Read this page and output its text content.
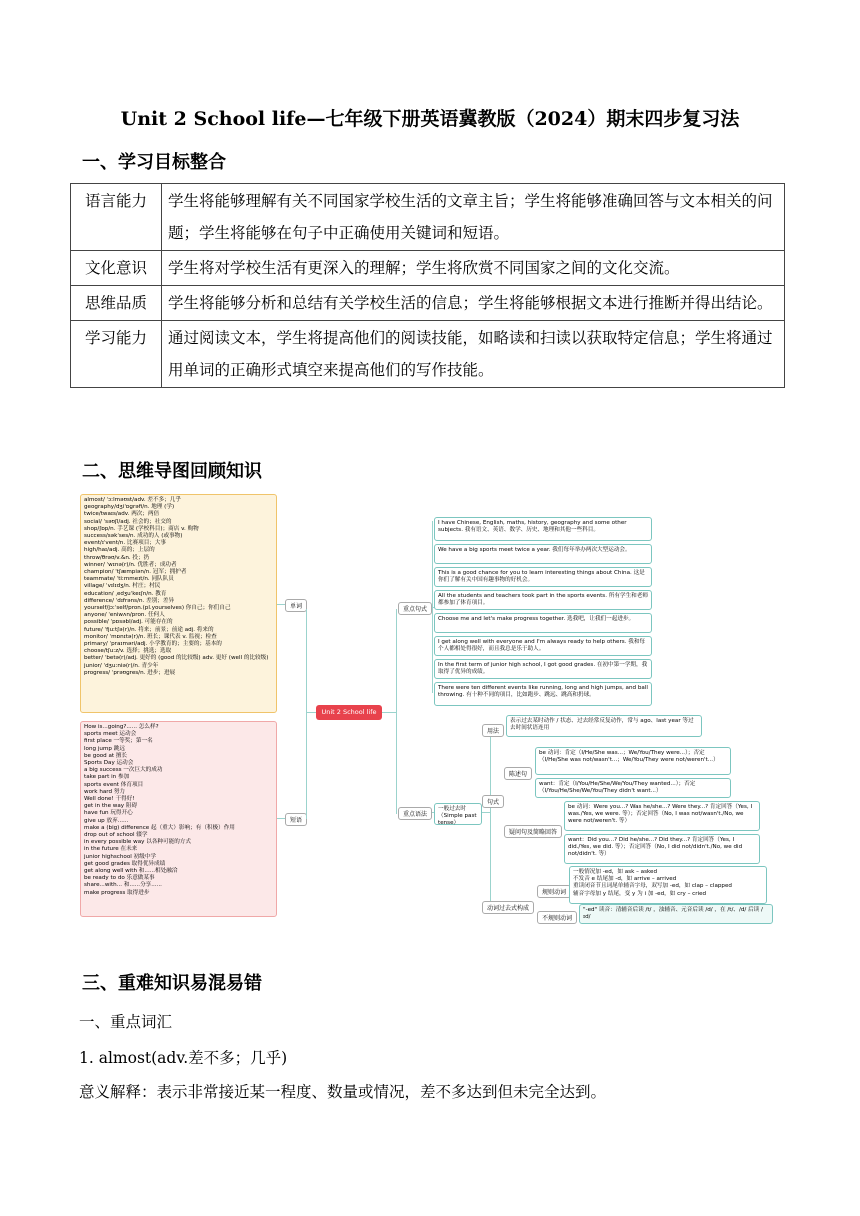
Unit 2 School life—七年级下册英语冀教版（2024）期末四步复习法
一、学习目标整合
语言能力	学生将能够理解有关不同国家学校生活的文章主旨；学生将能够准确回答与文本相关的问题；学生将能够在句子中正确使用关键词和短语。
文化意识	学生将对学校生活有更深入的理解；学生将欣赏不同国家之间的文化交流。
思维品质	学生将能够分析和总结有关学校生活的信息；学生将能够根据文本进行推断并得出结论。
学习能力	通过阅读文本，学生将提高他们的阅读技能，如略读和扫读以获取特定信息；学生将通过用单词的正确形式填空来提高他们的写作技能。
二、思维导图回顾知识
almost/ ˈɔːlməʊst/adv. 差不多；几乎
geography/dʒiˈɒɡrəfi/n. 地理 (学)
twice/twaɪs/adv. 两次；两倍
social/ ˈsəʊʃl/adj. 社会的；社交的
shop/ʃɒp/n. 手艺课 (学校科目)；商店 v. 购物
success/səkˈses/n. 成功的人 (或事物)
event/ɪˈvent/n. 比赛项目；大事
high/haɪ/adj. 高的；上层的
throw/θrəʊ/v.&n. 投；扔
winner/ ˈwɪnə(r)/n. 优胜者；成功者
champion/ ˈtʃæmpiən/n. 冠军；拥护者
teammate/ ˈtiːmmeɪt/n. 同队队员
village/ ˈvɪlɪdʒ/n. 村庄；村民
education/ ˌedʒuˈkeɪʃn/n. 教育
difference/ ˈdɪfrəns/n. 差别；差异
yourself/jɔːˈself/pron.(pl.yourselves) 你自己；你们自己
anyone/ ˈeniwʌn/pron. 任何人
possible/ ˈpɒsəbl/adj. 可能存在的
future/ ˈfjuːtʃə(r)/n. 将来；前景；前途 adj. 将来的
monitor/ ˈmɒnɪtə(r)/n. 班长；课代表 v. 监视；检查
primary/ ˈpraɪməri/adj. 小学教育的；主要的；基本的
choose/tʃuːz/v. 选择；挑选；选取
better/ ˈbetə(r)/adj. 更好的 (good 的比较级) adv. 更好 (well 的比较级)
junior/ ˈdʒuːniə(r)/n. 青少年
progress/ ˈprəʊɡres/n. 进步；进展
How is...going?...... 怎么样?
sports meet 运动会
first place 一等奖；第一名
long jump 跳远
be good at 擅长
Sports Day 运动会
a big success 一次巨大的成功
take part in 参加
sports event 体育项目
work hard 努力
Well done! 干得好!
get in the way 阻碍
have fun 玩得开心
give up 放弃......
make a (big) difference 起（重大）影响；有（积极）作用
drop out of school 辍学
in every possible way 以各种可能的方式
in the future 在未来
junior highschool 初级中学
get good grades 取得优异成绩
get along well with 和......相处融洽
be ready to do 乐意做某事
share...with... 和......分享......
make progress 取得进步
单词
短语
Unit 2 School life
重点句式
重点语法
I have Chinese, English, maths, history, geography and some other subjects. 我有语文、英语、数学、历史、地理和其他一些科目。
We have a big sports meet twice a year. 我们每年举办两次大型运动会。
This is a good chance for you to learn interesting things about China. 这是你们了解有关中国有趣事物的好机会。
All the students and teachers took part in the sports events. 所有学生和老师都参加了体育项目。
Choose me and let's make progress together. 选我吧，让我们一起进步。
I get along well with everyone and I'm always ready to help others. 我和每个人都相处得很好，而且我总是乐于助人。
In the first term of junior high school, I got good grades. 在初中第一学期，我取得了优异的成绩。
There were ten different events like running, long and high jumps, and ball throwing. 有十种不同的项目，比如跑步、跳远、跳高和扔球。
一般过去时（Simple past tense）
用法
表示过去某时动作 / 状态、过去经常反复动作，常与 ago、last year 等过去时间状语连用
句式
陈述句
be 动词：肯定（I/He/She was...；We/You/They were...）；否定（I/He/She was not/wasn't...；We/You/They were not/weren't...）
want：肯定（I/You/He/She/We/You/They wanted...）；否定（I/You/He/She/We/You/They didn't want...）
疑问句及简略回答
be 动词：Were you...? Was he/she...? Were they...? 肯定回答（Yes, I was./Yes, we were. 等）；否定回答（No, I was not/wasn't./No, we were not/weren't. 等）
want：Did you...? Did he/she...? Did they...? 肯定回答（Yes, I did./Yes, we did. 等）；否定回答（No, I did not/didn't./No, we did not/didn't. 等）
动词过去式构成
规则动词
一般情况加 -ed，如 ask – asked
不发音 e 结尾加 -d，如 arrive – arrived
重读闭音节且词尾单辅音字母，双写加 -ed，如 clap – clapped
辅音字母加 y 结尾，变 y 为 i 加 -ed，如 cry – cried
不规则动词
"-ed" 读音：清辅音后读 /t/ ，浊辅音、元音后读 /d/ ，在 /t/、/d/ 后读 /ɪd/
三、重难知识易混易错
一、重点词汇
1. almost(adv.差不多；几乎)
意义解释：表示非常接近某一程度、数量或情况，差不多达到但未完全达到。
